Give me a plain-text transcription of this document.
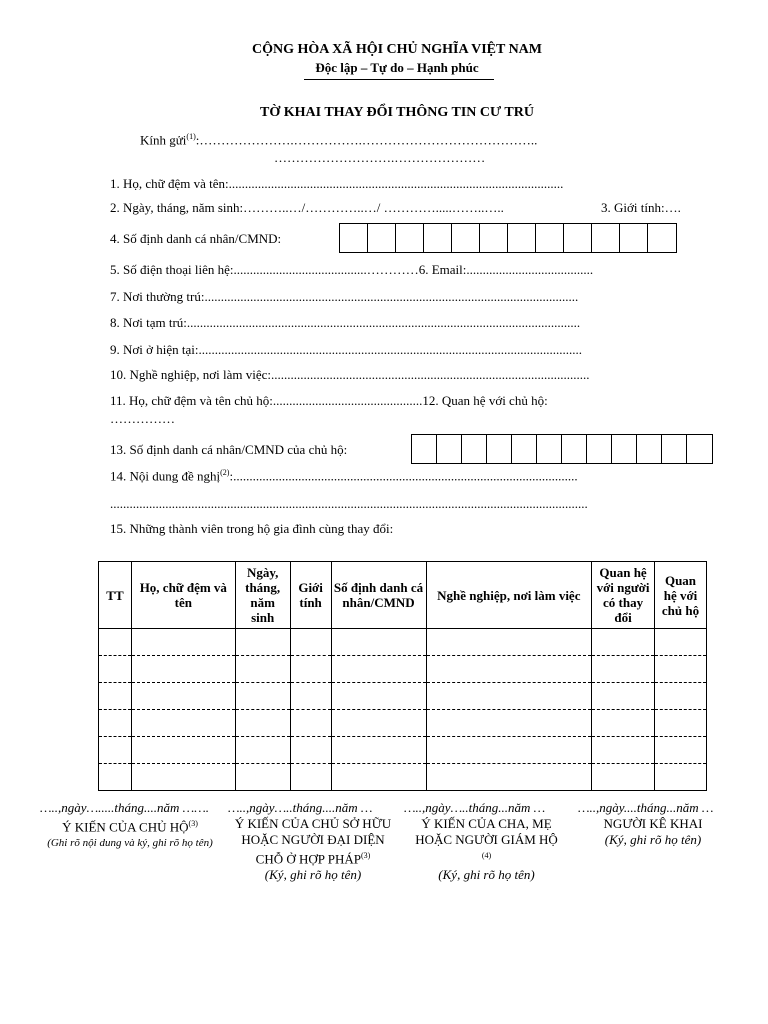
CỘNG HÒA XÃ HỘI CHỦ NGHĨA VIỆT NAM
Độc lập – Tự do – Hạnh phúc
TỜ KHAI THAY ĐỔI THÔNG TIN CƯ TRÚ
Kính gửi$^{(1)}$:………………….…………….…………………………………..
……………………….…………………
1. Họ, chữ đệm và tên:.......................................................................................................
2. Ngày, tháng, năm sinh:………..…/…………..…/ ………….....……..…..	3. Giới tính:….
4. Số định danh cá nhân/CMND:
5. Số điện thoại liên hệ:.........................................…………6. Email:.......................................
7. Nơi thường trú:...................................................................................................................
8. Nơi tạm trú:.........................................................................................................................
9. Nơi ở hiện tại:......................................................................................................................
10. Nghề nghiệp, nơi làm việc:..................................................................................................
11. Họ, chữ đệm và tên chủ hộ:..............................................12. Quan hệ với chủ hộ:
……………
13. Số định danh cá nhân/CMND của chủ hộ:
14. Nội dung đề nghị$^{(2)}$:..........................................................................................................
...................................................................................................................................................
15. Những thành viên trong hộ gia đình cùng thay đổi:
TT	Họ, chữ đệm và tên	Ngày, tháng, năm sinh	Giới tính	Số định danh cá nhân/CMND	Nghề nghiệp, nơi làm việc	Quan hệ với người có thay đổi	Quan hệ với chủ hộ

…..,ngày….....tháng....năm …….
Ý KIẾN CỦA CHỦ HỘ$^{(3)}$
(Ghi rõ nội dung và ký, ghi rõ họ tên)
…..,ngày…..tháng....năm …
Ý KIẾN CỦA CHỦ SỞ HỮU HOẶC NGƯỜI ĐẠI DIỆN CHỖ Ở HỢP PHÁP$^{(3)}$
(Ký, ghi rõ họ tên)
…..,ngày…..tháng...năm …
Ý KIẾN CỦA CHA, MẸ HOẶC NGƯỜI GIÁM HỘ
$^{(4)}$
(Ký, ghi rõ họ tên)
…..,ngày....tháng...năm …
NGƯỜI KÊ KHAI
(Ký, ghi rõ họ tên)
